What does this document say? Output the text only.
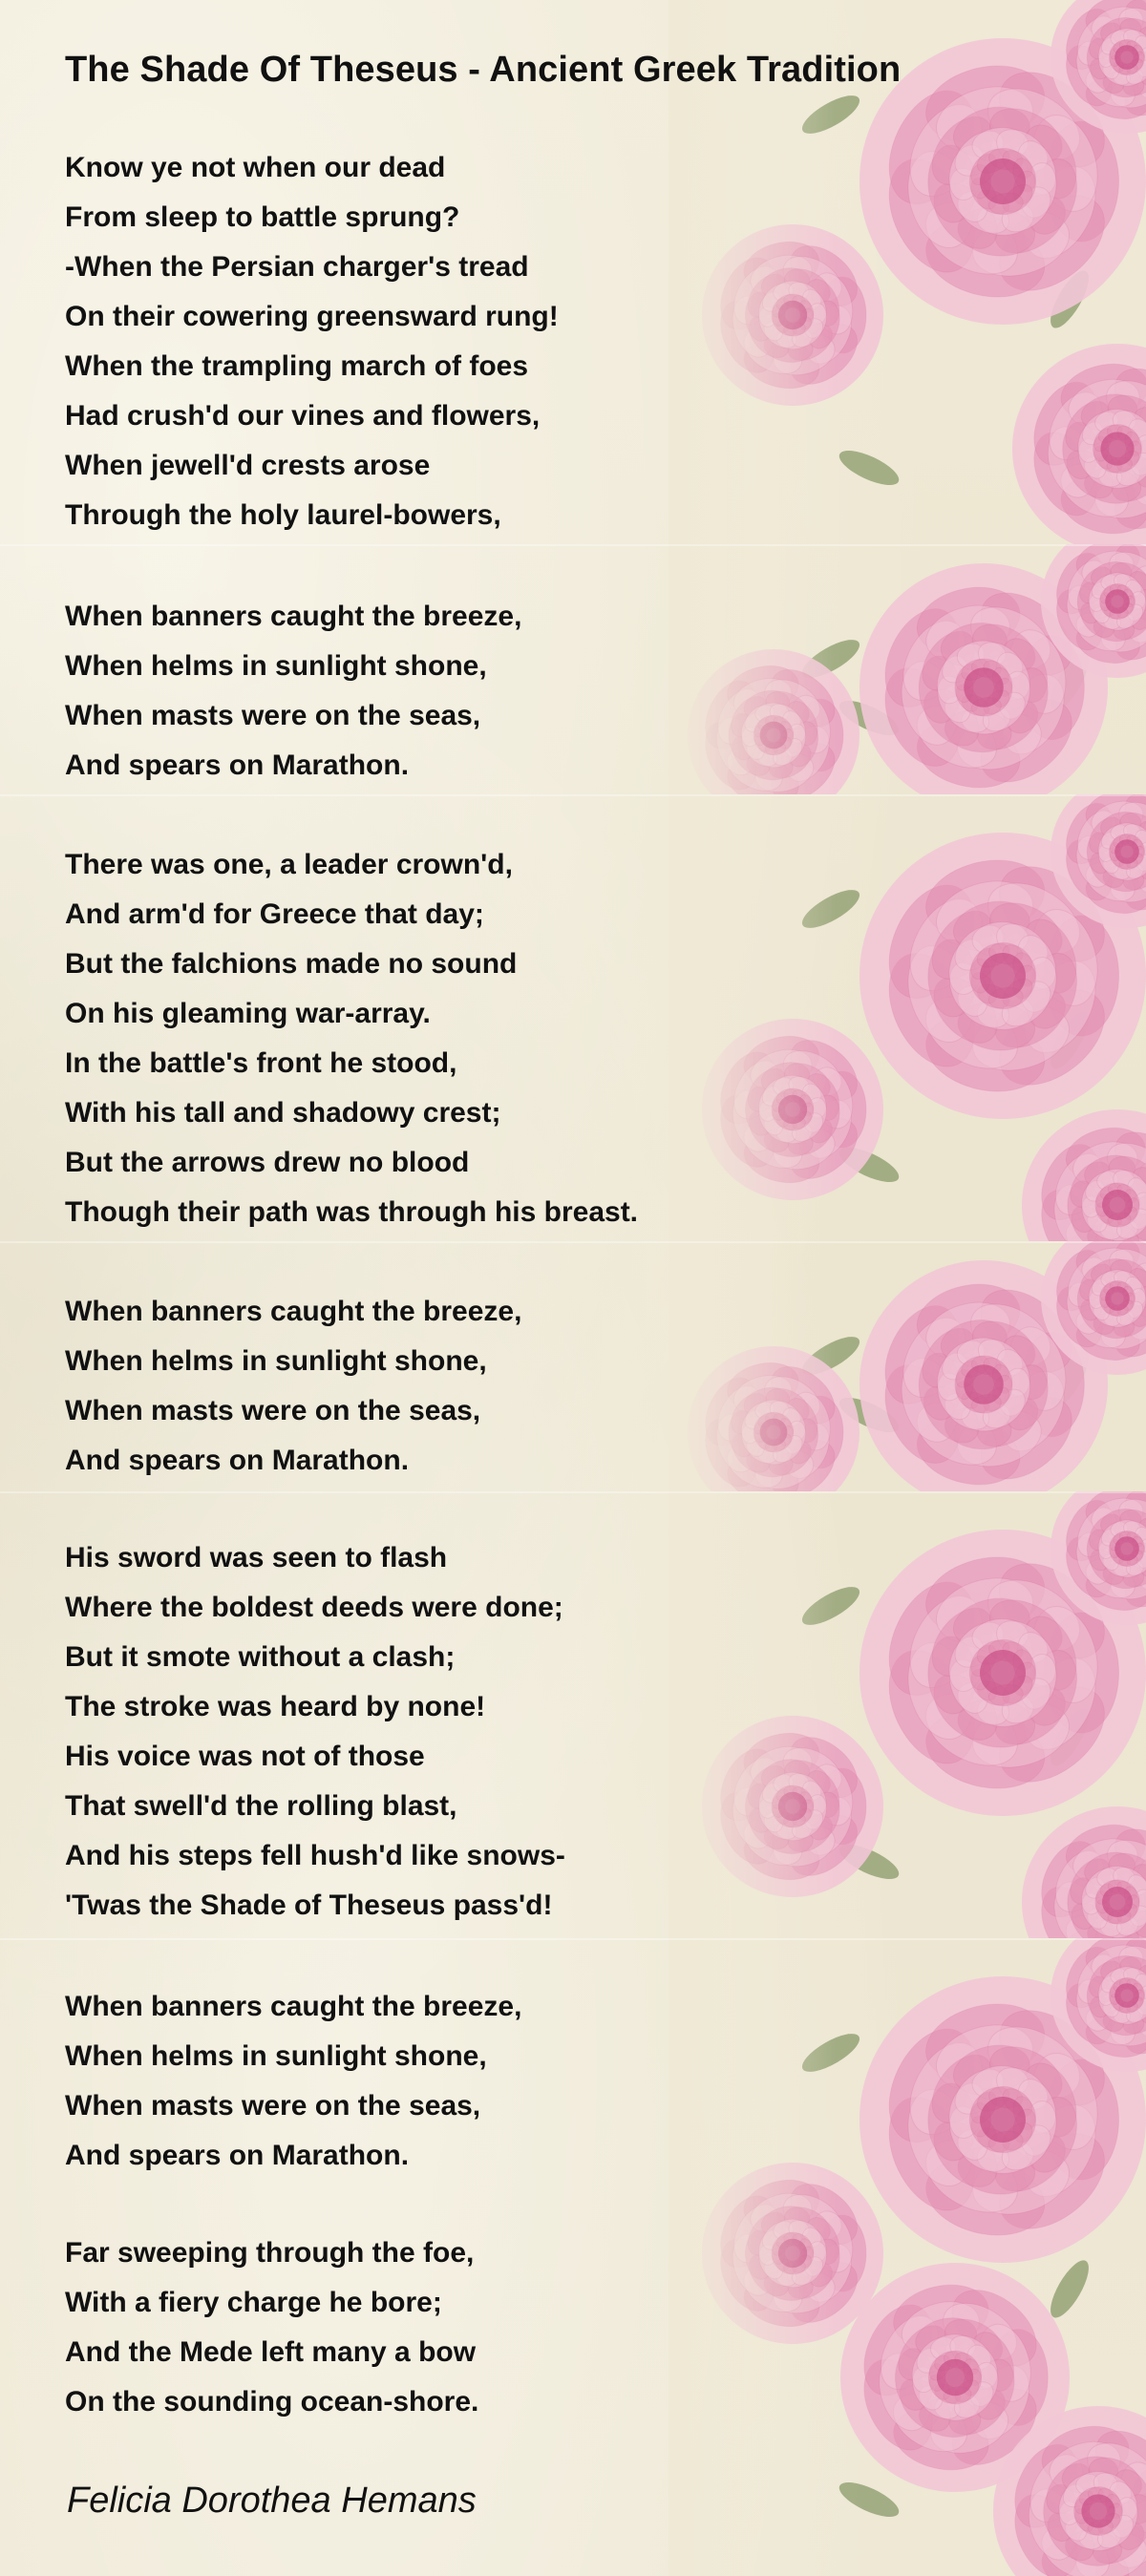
The Shade Of Theseus - Ancient Greek Tradition
Know ye not when our dead
From sleep to battle sprung?
-When the Persian charger's tread
On their cowering greensward rung!
When the trampling march of foes
Had crush'd our vines and flowers,
When jewell'd crests arose
Through the holy laurel-bowers,
When banners caught the breeze,
When helms in sunlight shone,
When masts were on the seas,
And spears on Marathon.
There was one, a leader crown'd,
And arm'd for Greece that day;
But the falchions made no sound
On his gleaming war-array.
In the battle's front he stood,
With his tall and shadowy crest;
But the arrows drew no blood
Though their path was through his breast.
When banners caught the breeze,
When helms in sunlight shone,
When masts were on the seas,
And spears on Marathon.
His sword was seen to flash
Where the boldest deeds were done;
But it smote without a clash;
The stroke was heard by none!
His voice was not of those
That swell'd the rolling blast,
And his steps fell hush'd like snows-
'Twas the Shade of Theseus pass'd!
When banners caught the breeze,
When helms in sunlight shone,
When masts were on the seas,
And spears on Marathon.
Far sweeping through the foe,
With a fiery charge he bore;
And the Mede left many a bow
On the sounding ocean-shore.

Felicia Dorothea Hemans
